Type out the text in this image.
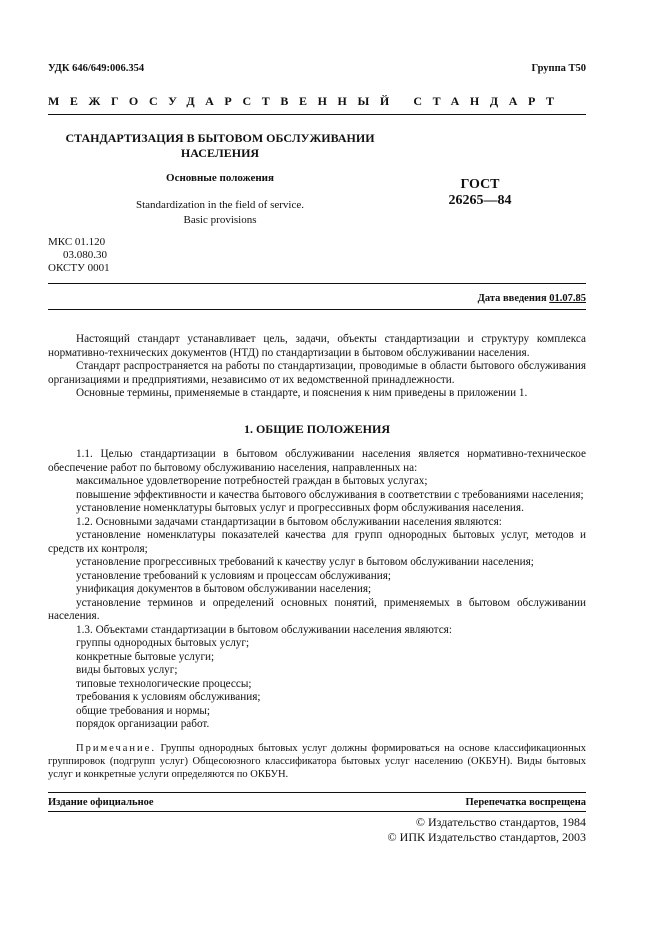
УДК 646/649:006.354	Группа Т50
МЕЖГОСУДАРСТВЕННЫЙ СТАНДАРТ
СТАНДАРТИЗАЦИЯ В БЫТОВОМ ОБСЛУЖИВАНИИ
НАСЕЛЕНИЯ
Основные положения
Standardization in the field of service.
Basic provisions
ГОСТ
26265—84
МКС 01.120
03.080.30
ОКСТУ 0001
Дата введения 01.07.85

Настоящий стандарт устанавливает цель, задачи, объекты стандартизации и структуру комплекса нормативно-технических документов (НТД) по стандартизации в бытовом обслуживании населения.

Стандарт распространяется на работы по стандартизации, проводимые в области бытового обслуживания организациями и предприятиями, независимо от их ведомственной принадлежности.

Основные термины, применяемые в стандарте, и пояснения к ним приведены в приложении 1.

1. ОБЩИЕ ПОЛОЖЕНИЯ

1.1. Целью стандартизации в бытовом обслуживании населения является нормативно-техническое обеспечение работ по бытовому обслуживанию населения, направленных на:

максимальное удовлетворение потребностей граждан в бытовых услугах;

повышение эффективности и качества бытового обслуживания в соответствии с требованиями населения;

установление номенклатуры бытовых услуг и прогрессивных форм обслуживания населения.

1.2. Основными задачами стандартизации в бытовом обслуживании населения являются:

установление номенклатуры показателей качества для групп однородных бытовых услуг, методов и средств их контроля;

установление прогрессивных требований к качеству услуг в бытовом обслуживании населения;

установление требований к условиям и процессам обслуживания;

унификация документов в бытовом обслуживании населения;

установление терминов и определений основных понятий, применяемых в бытовом обслуживании населения.

1.3. Объектами стандартизации в бытовом обслуживании населения являются:

группы однородных бытовых услуг;

конкретные бытовые услуги;

виды бытовых услуг;

типовые технологические процессы;

требования к условиям обслуживания;

общие требования и нормы;

порядок организации работ.

Примечание. Группы однородных бытовых услуг должны формироваться на основе классификационных группировок (подгрупп услуг) Общесоюзного классификатора бытовых услуг населению (ОКБУН). Виды бытовых услуг и конкретные услуги определяются по ОКБУН.

Издание официальное	Перепечатка воспрещена
© Издательство стандартов, 1984
© ИПК Издательство стандартов, 2003
